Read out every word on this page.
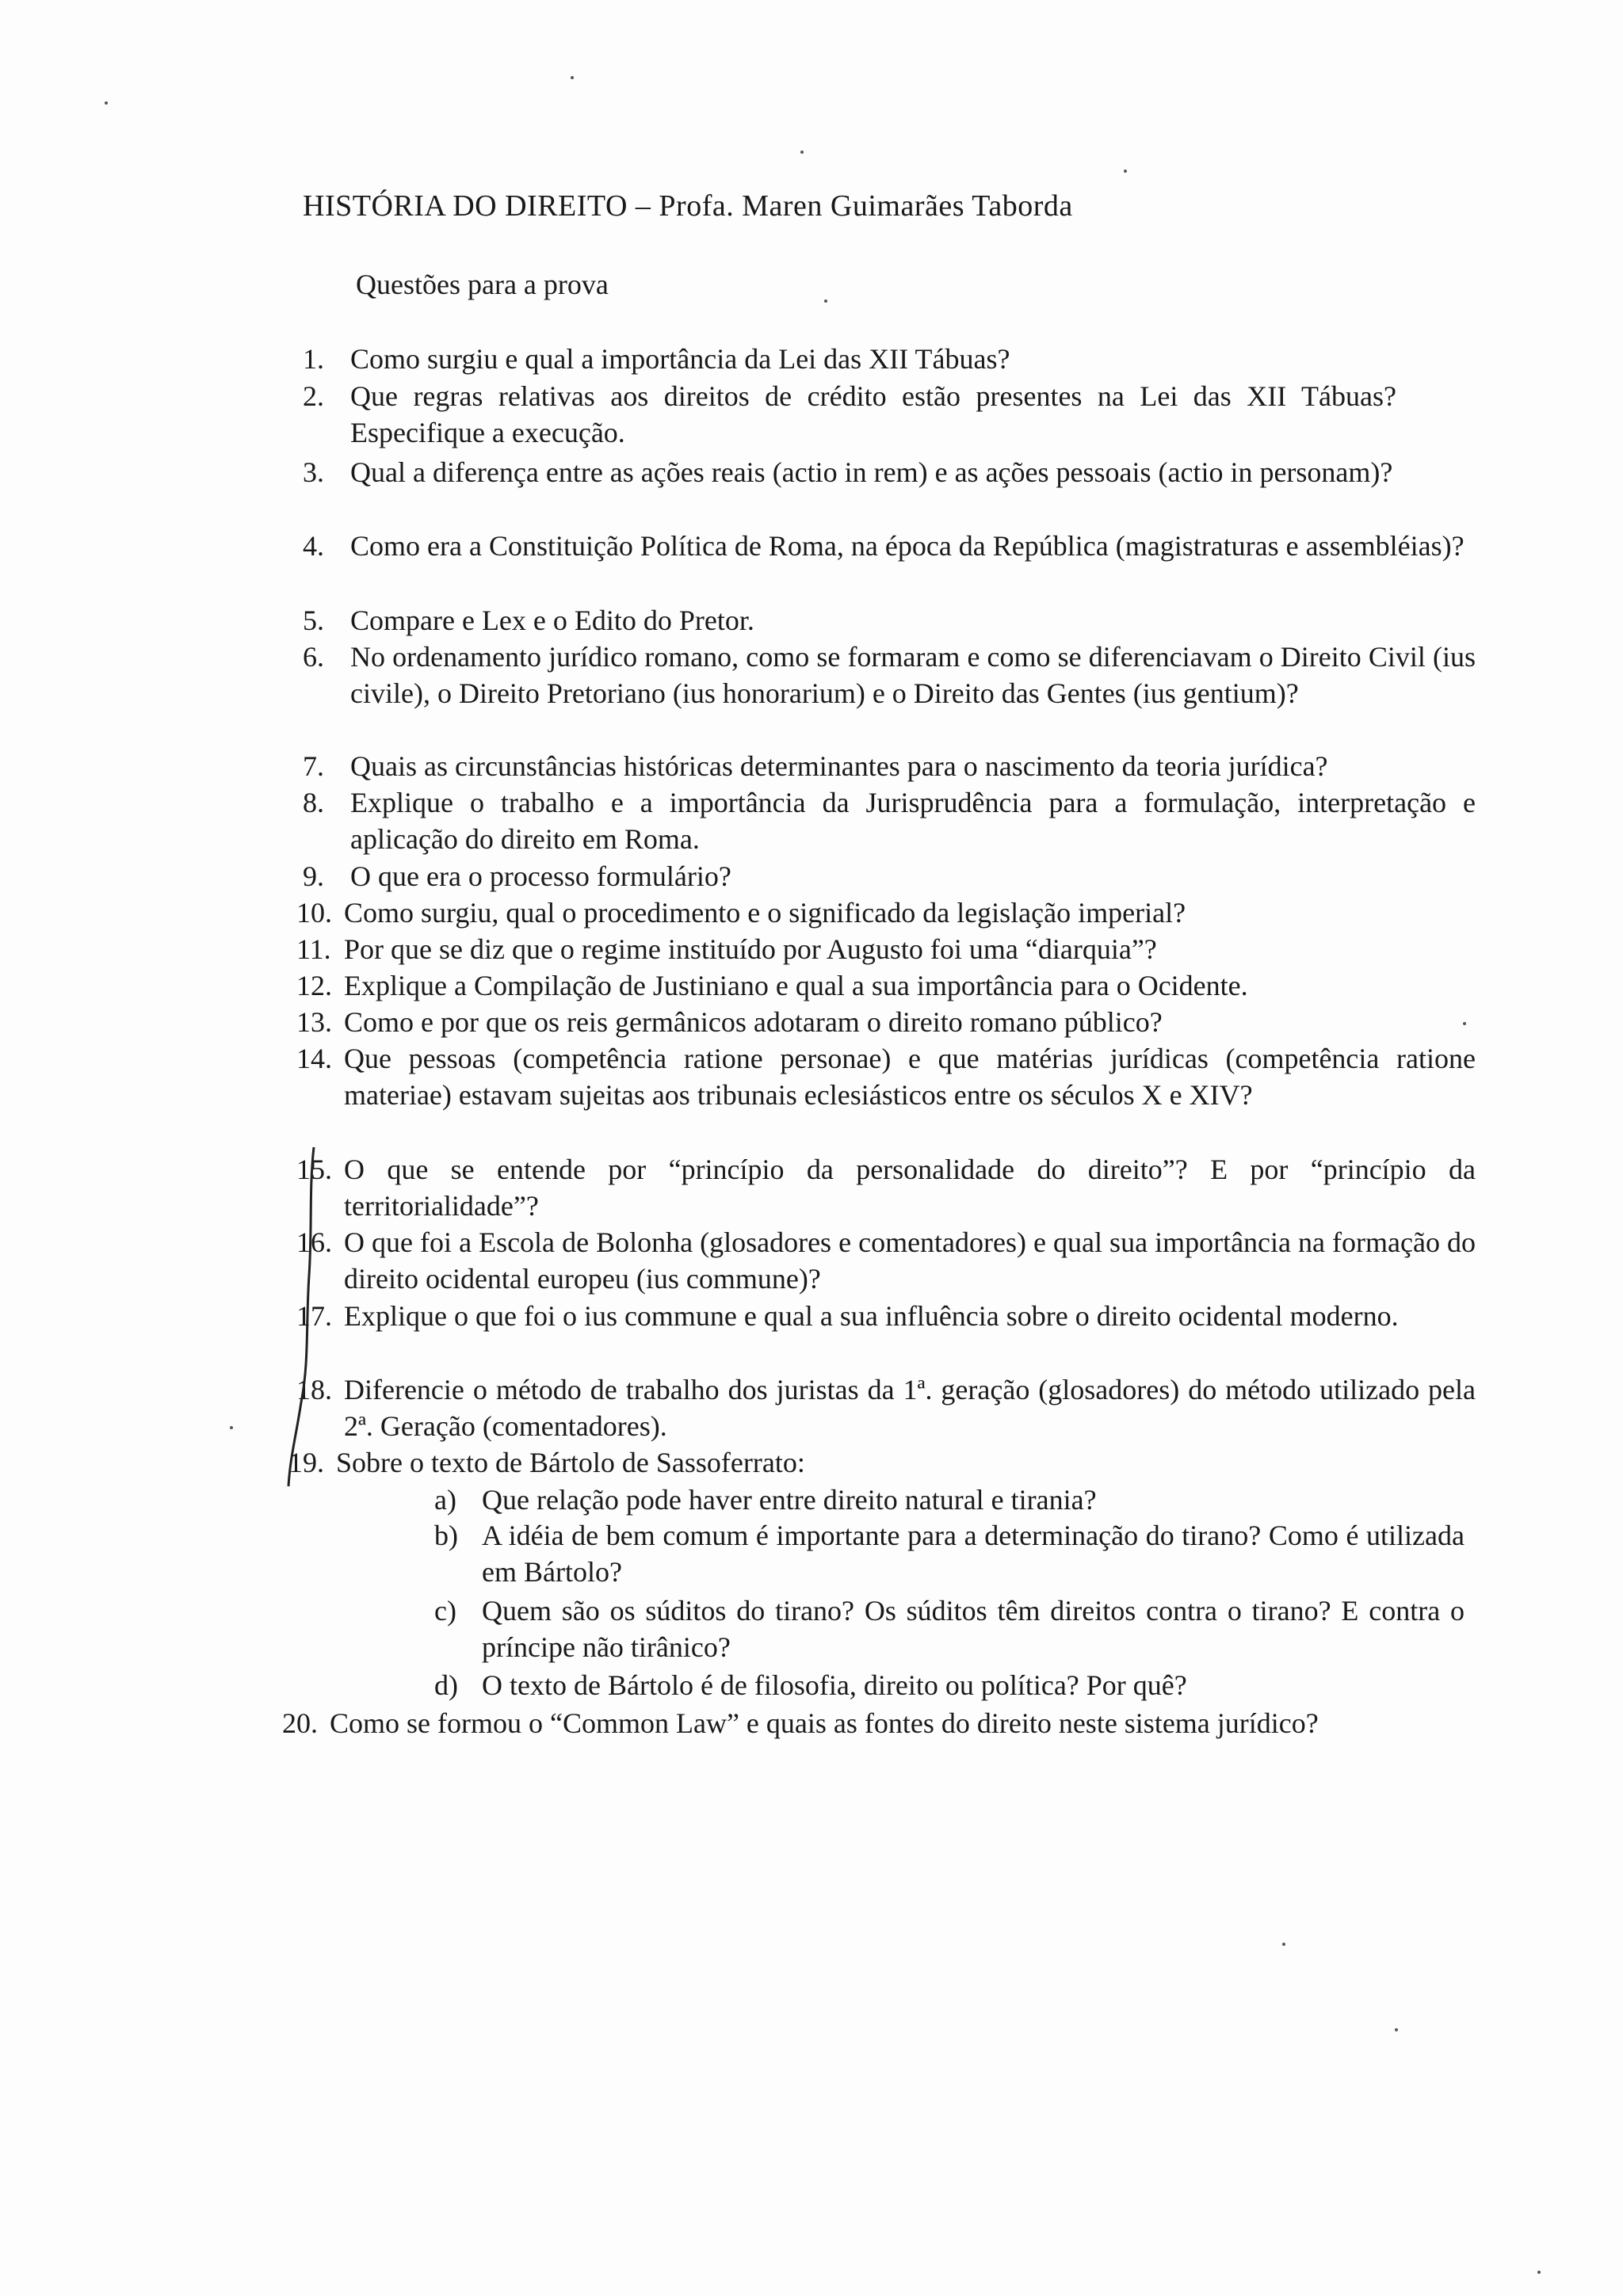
HISTÓRIA DO DIREITO – Profa. Maren Guimarães Taborda
Questões para a prova
1. Como surgiu e qual a importância da Lei das XII Tábuas?
2. Que regras relativas aos direitos de crédito estão presentes na Lei das XII Tábuas? Especifique a execução.
3. Qual a diferença entre as ações reais (actio in rem) e as ações pessoais (actio in personam)?
4. Como era a Constituição Política de Roma, na época da República (magistraturas e assembléias)?
5. Compare e Lex e o Edito do Pretor.
6. No ordenamento jurídico romano, como se formaram e como se diferenciavam o Direito Civil (ius civile), o Direito Pretoriano (ius honorarium) e o Direito das Gentes (ius gentium)?
7. Quais as circunstâncias históricas determinantes para o nascimento da teoria jurídica?
8. Explique o trabalho e a importância da Jurisprudência para a formulação, interpretação e aplicação do direito em Roma.
9. O que era o processo formulário?
10. Como surgiu, qual o procedimento e o significado da legislação imperial?
11. Por que se diz que o regime instituído por Augusto foi uma “diarquia”?
12. Explique a Compilação de Justiniano e qual a sua importância para o Ocidente.
13. Como e por que os reis germânicos adotaram o direito romano público?
14. Que pessoas (competência ratione personae) e que matérias jurídicas (competência ratione materiae) estavam sujeitas aos tribunais eclesiásticos entre os séculos X e XIV?
15. O que se entende por “princípio da personalidade do direito”? E por “princípio da territorialidade”?
16. O que foi a Escola de Bolonha (glosadores e comentadores) e qual sua importância na formação do direito ocidental europeu (ius commune)?
17. Explique o que foi o ius commune e qual a sua influência sobre o direito ocidental moderno.
18. Diferencie o método de trabalho dos juristas da 1ª. geração (glosadores) do método utilizado pela 2ª. Geração (comentadores).
19. Sobre o texto de Bártolo de Sassoferrato:
a) Que relação pode haver entre direito natural e tirania?
b) A idéia de bem comum é importante para a determinação do tirano? Como é utilizada em Bártolo?
c) Quem são os súditos do tirano? Os súditos têm direitos contra o tirano? E contra o príncipe não tirânico?
d) O texto de Bártolo é de filosofia, direito ou política? Por quê?
20. Como se formou o “Common Law” e quais as fontes do direito neste sistema jurídico?
